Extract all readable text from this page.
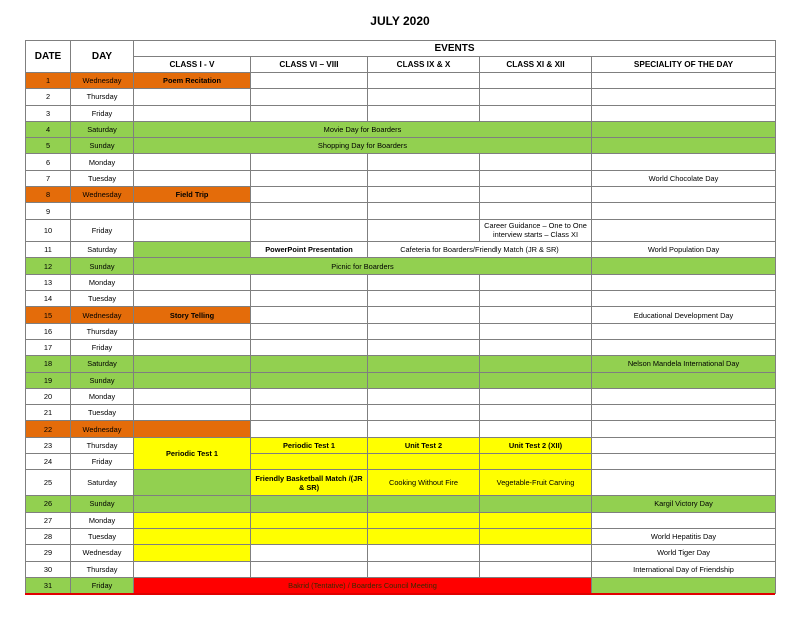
JULY 2020
DATE	DAY	EVENTS				
		CLASS I - V	CLASS VI – VIII	CLASS IX & X	CLASS XI & XII	SPECIALITY OF THE DAY
1	Wednesday	Poem Recitation				
2	Thursday					
3	Friday					
4	Saturday	Movie Day for Boarders				
5	Sunday	Shopping Day for Boarders				
6	Monday					
7	Tuesday					World Chocolate Day
8	Wednesday	Field Trip				
9						
10	Friday				Career Guidance – One to One interview starts – Class XI	
11	Saturday		PowerPoint Presentation	Cafeteria for Boarders/Friendly Match (JR & SR)		World Population Day
12	Sunday	Picnic for Boarders				
13	Monday					
14	Tuesday					
15	Wednesday	Story Telling				Educational Development Day
16	Thursday					
17	Friday					
18	Saturday					Nelson Mandela International Day
19	Sunday					
20	Monday					
21	Tuesday					
22	Wednesday					
23	Thursday	Periodic Test 1	Periodic Test 1	Unit Test 2	Unit Test 2 (XII)	
24	Friday					
25	Saturday		Friendly Basketball Match /(JR & SR)	Cooking Without Fire	Vegetable-Fruit Carving	
26	Sunday					Kargil Victory Day
27	Monday					
28	Tuesday					World Hepatitis Day
29	Wednesday					World Tiger Day
30	Thursday					International Day of Friendship
31	Friday	Bakrid (Tentative) / Boarders Council Meeting				
